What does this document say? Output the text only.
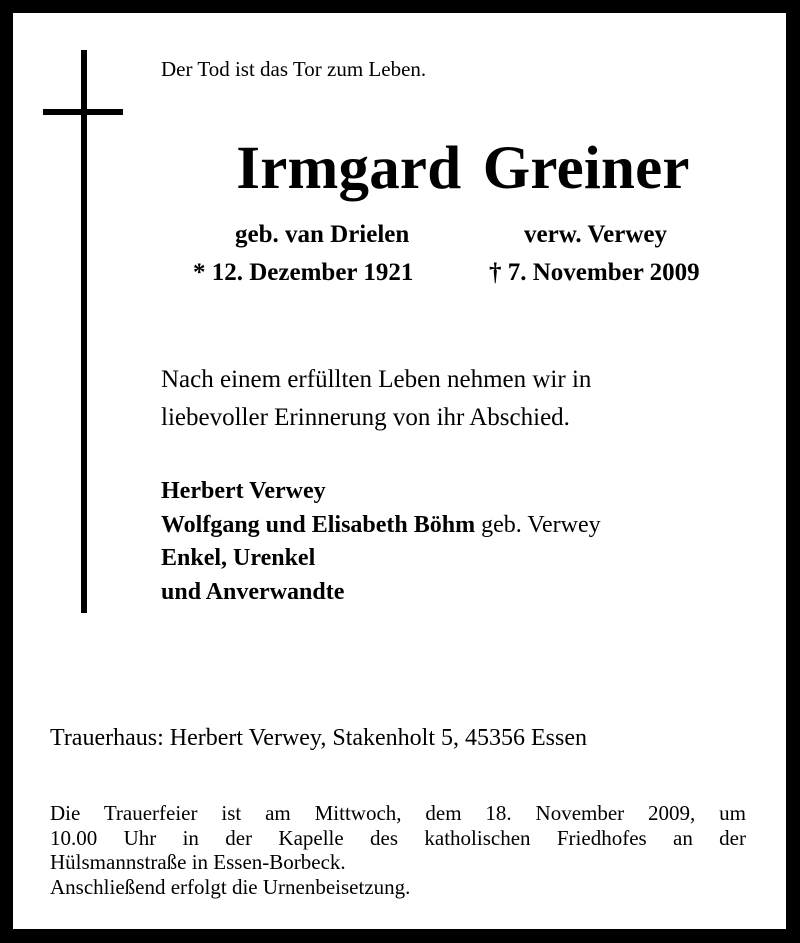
Der Tod ist das Tor zum Leben.
Irmgard Greiner
geb. van Drielen	verw. Verwey
* 12. Dezember 1921	† 7. November 2009
Nach einem erfüllten Leben nehmen wir in
liebevoller Erinnerung von ihr Abschied.
Herbert Verwey
Wolfgang und Elisabeth Böhm geb. Verwey
Enkel, Urenkel
und Anverwandte
Trauerhaus: Herbert Verwey, Stakenholt 5, 45356 Essen
Die Trauerfeier ist am Mittwoch, dem 18. November 2009, um
10.00 Uhr in der Kapelle des katholischen Friedhofes an der
Hülsmannstraße in Essen-Borbeck.
Anschließend erfolgt die Urnenbeisetzung.
